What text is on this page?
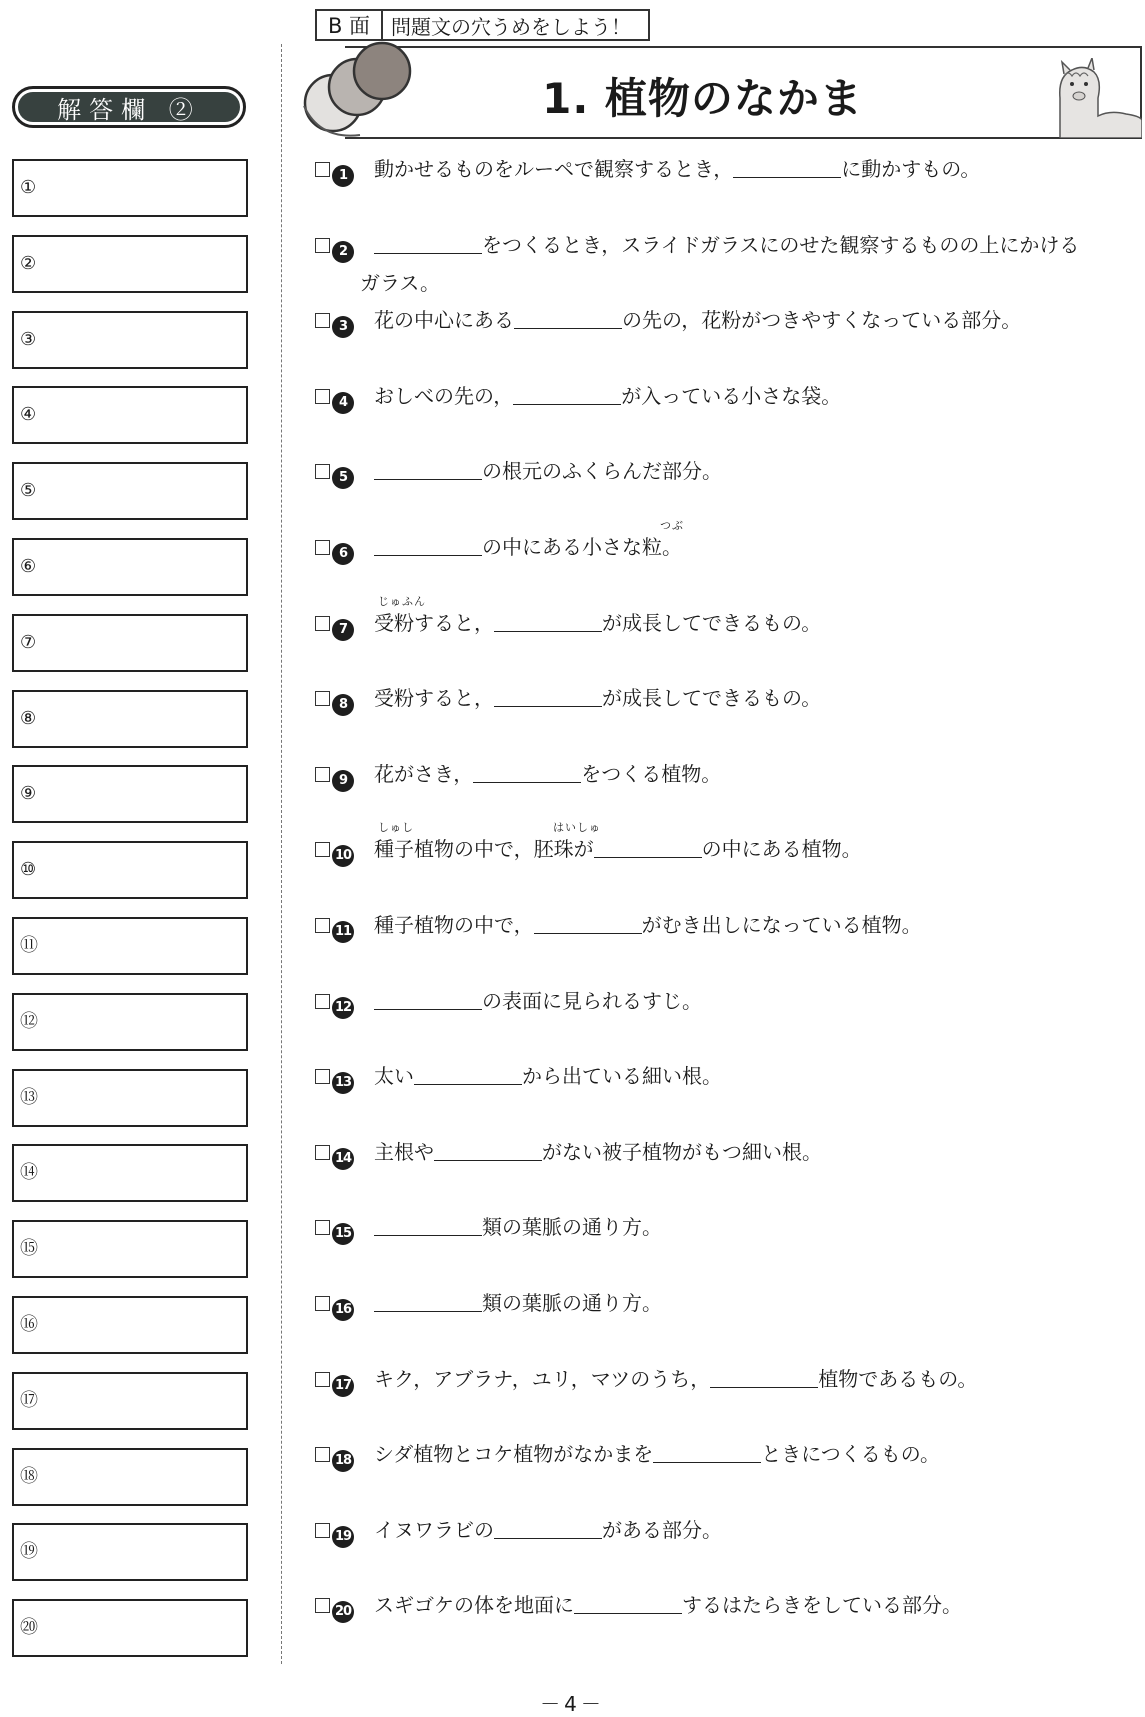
解答欄 ②
①
②
③
④
⑤
⑥
⑦
⑧
⑨
⑩
⑪
⑫
⑬
⑭
⑮
⑯
⑰
⑱
⑲
⑳
B 面	問題文の穴うめをしよう！
1. 植物のなかま
1 動かせるものをルーペで観察するとき，	に動かすもの。
2	をつくるとき，スライドガラスにのせた観察するものの上にかける
ガラス。
3 花の中心にある	の先の，花粉がつきやすくなっている部分。
4 おしべの先の，	が入っている小さな袋。
5	の根元のふくらんだ部分。
6	の中にある小さな粒。
つぶ
7 受粉すると，	が成長してできるもの。
じゅふん
8 受粉すると，	が成長してできるもの。
9 花がさき，	をつくる植物。
10 種子植物の中で，胚珠が	の中にある植物。
しゅし	はいしゅ
11 種子植物の中で，	がむき出しになっている植物。
12	の表面に見られるすじ。
13 太い	から出ている細い根。
14 主根や	がない被子植物がもつ細い根。
15	類の葉脈の通り方。
16	類の葉脈の通り方。
17 キク，アブラナ，ユリ，マツのうち，	植物であるもの。
18 シダ植物とコケ植物がなかまを	ときにつくるもの。
19 イヌワラビの	がある部分。
20 スギゴケの体を地面に	するはたらきをしている部分。
－4－
